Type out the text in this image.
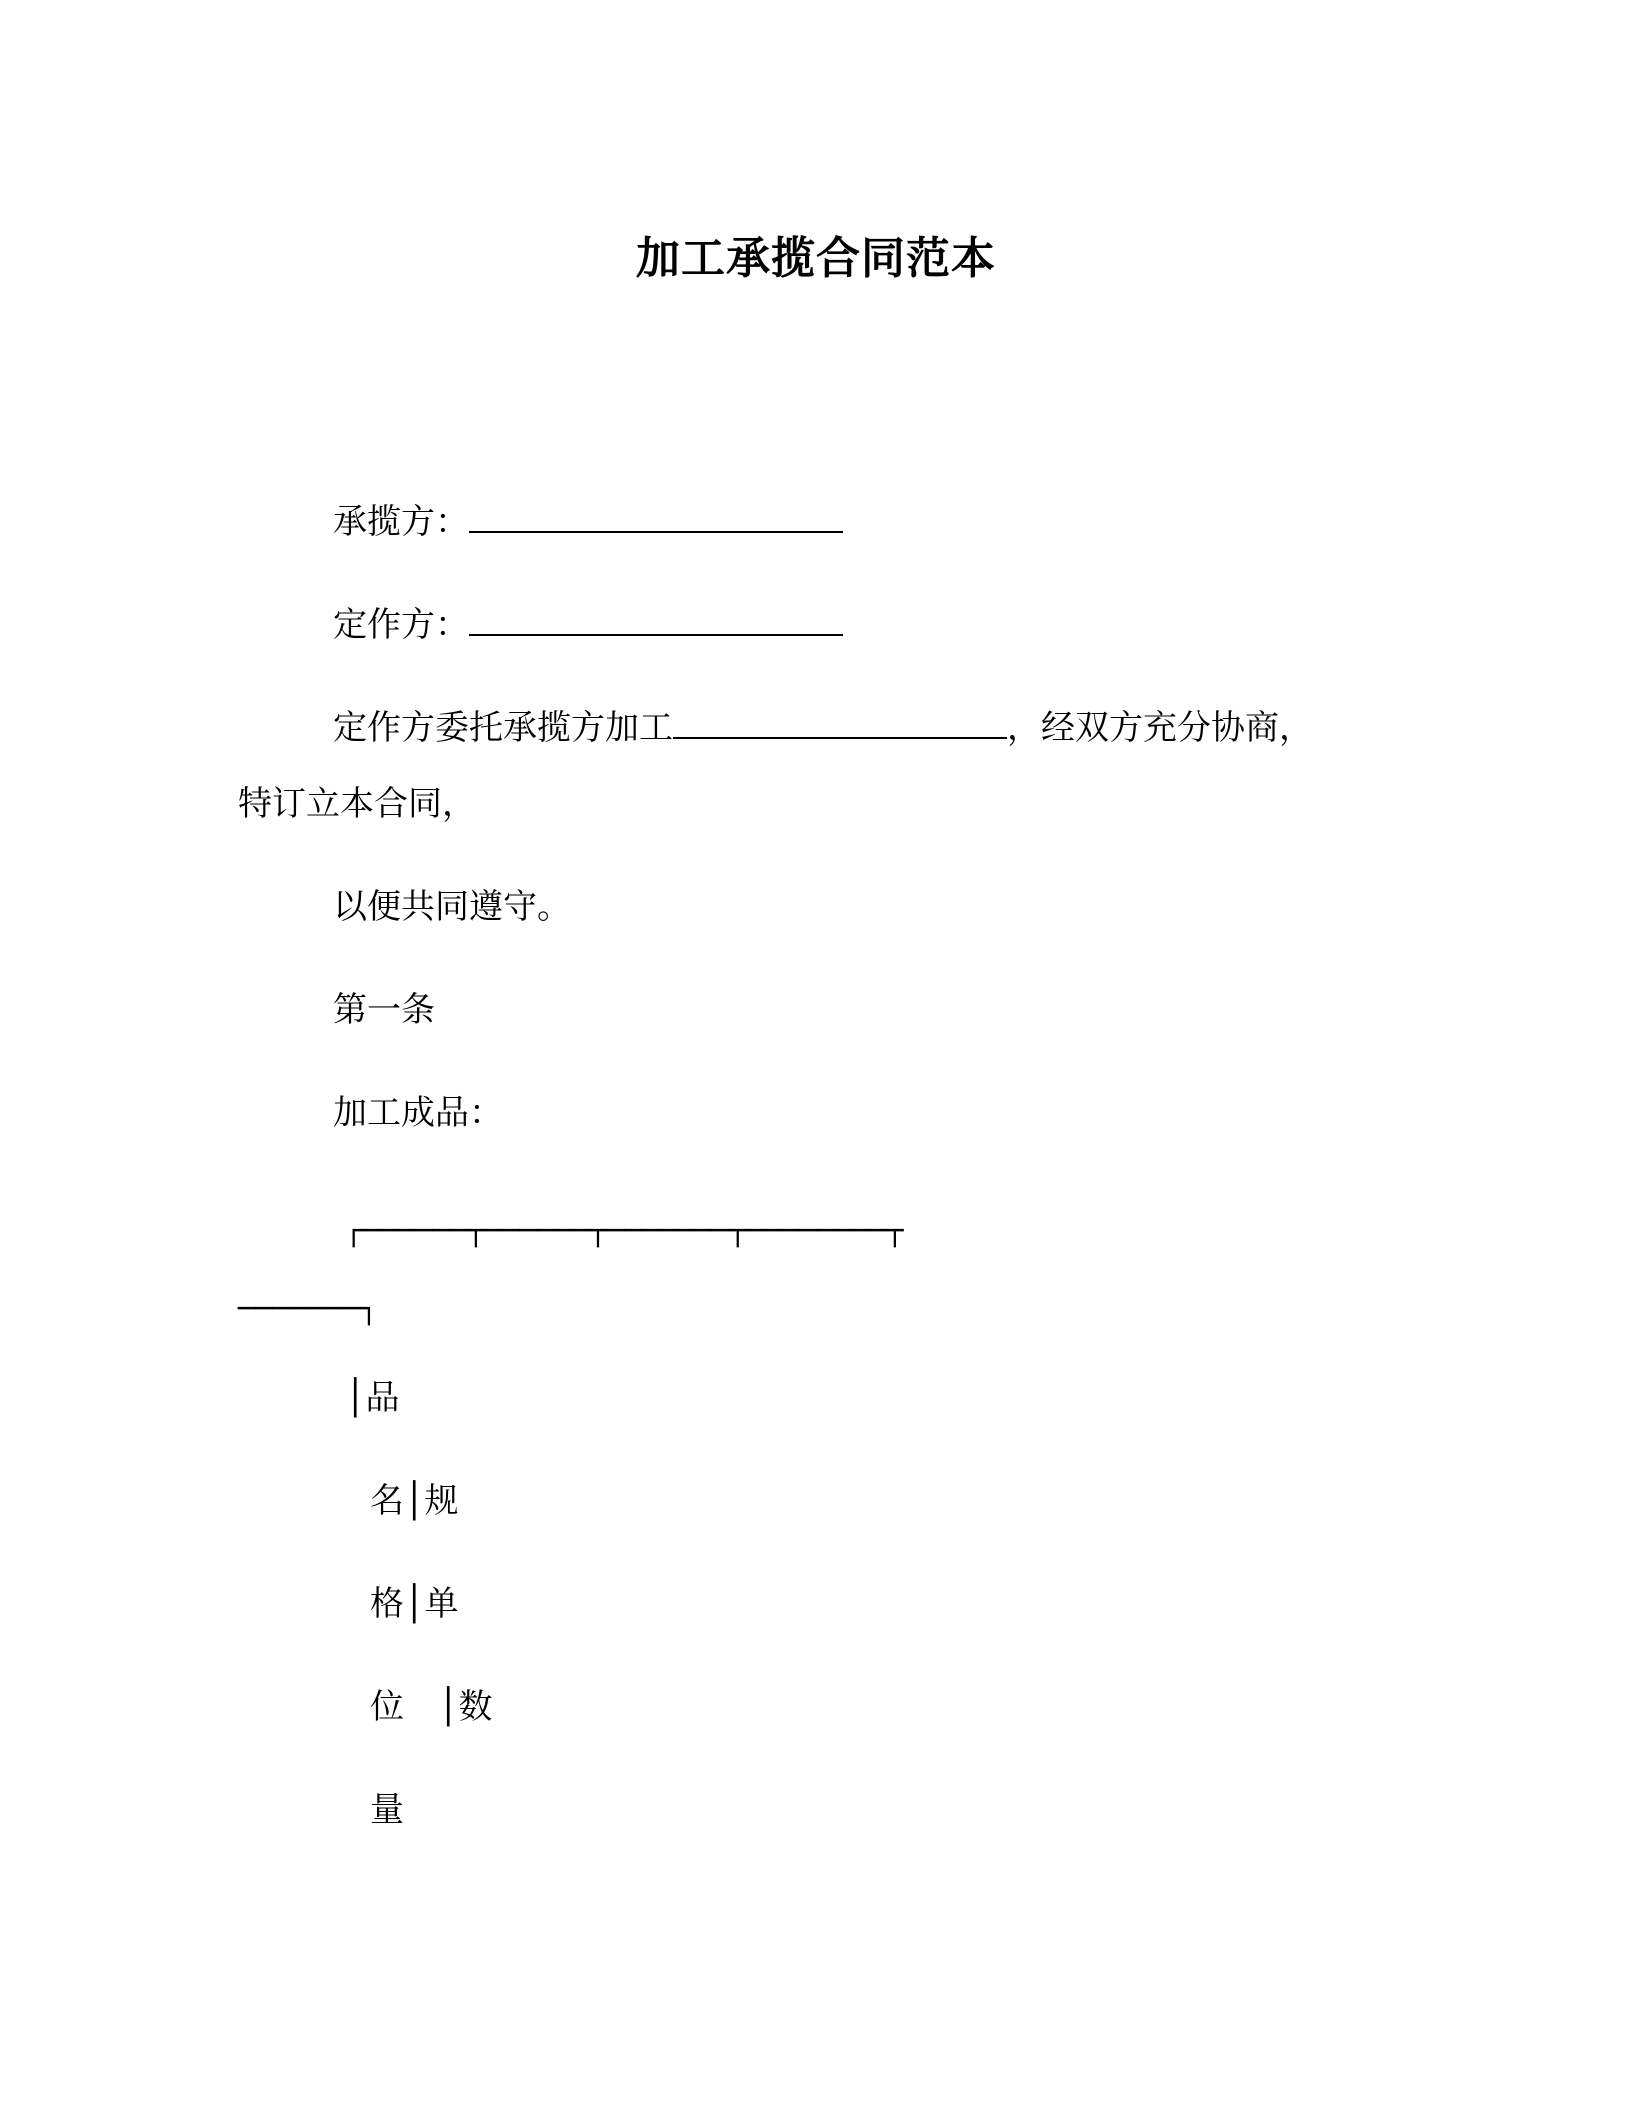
加工承揽合同范本
承揽方：
定作方：
定作方委托承揽方加工	，经双方充分协商，
特订立本合同，
以便共同遵守。
第一条
加工成品：
┌──────┬──────┬───────┬────────┬
───────┐
│品
名│规
格│单
位　│数
量
